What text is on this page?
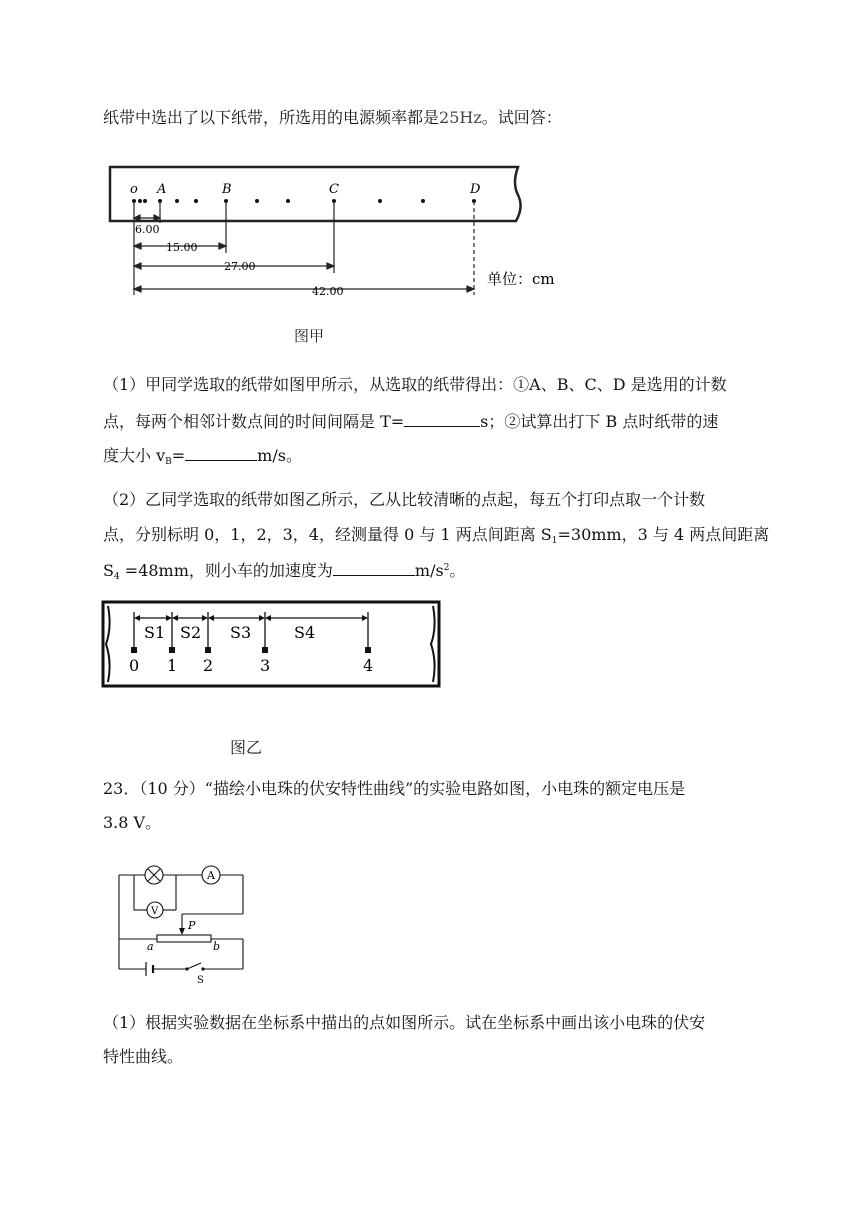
纸带中选出了以下纸带，所选用的电源频率都是25Hz。试回答：
o A	B	C	D
6.00
15.00
27.00
42.00
单位：cm
图甲
（1）甲同学选取的纸带如图甲所示，从选取的纸带得出：①A、B、C、D 是选用的计数
点，每两个相邻计数点间的时间间隔是 T=	s；②试算出打下 B 点时纸带的速
度大小 $v_B=$	m/s。
（2）乙同学选取的纸带如图乙所示，乙从比较清晰的点起，每五个打印点取一个计数
点，分别标明 0，1，2，3，4，经测量得 0 与 1 两点间距离 $S_1=30mm$，3 与 4 两点间距离
$S_4 =48mm$，则小车的加速度为	$m/s^2$。
S1 S2 S3	S4
0 1 2	3	4
图乙
23．（10 分）“描绘小电珠的伏安特性曲线”的实验电路如图，小电珠的额定电压是
3.8 V。
A
V
P
a	b
S
（1）根据实验数据在坐标系中描出的点如图所示。试在坐标系中画出该小电珠的伏安
特性曲线。
